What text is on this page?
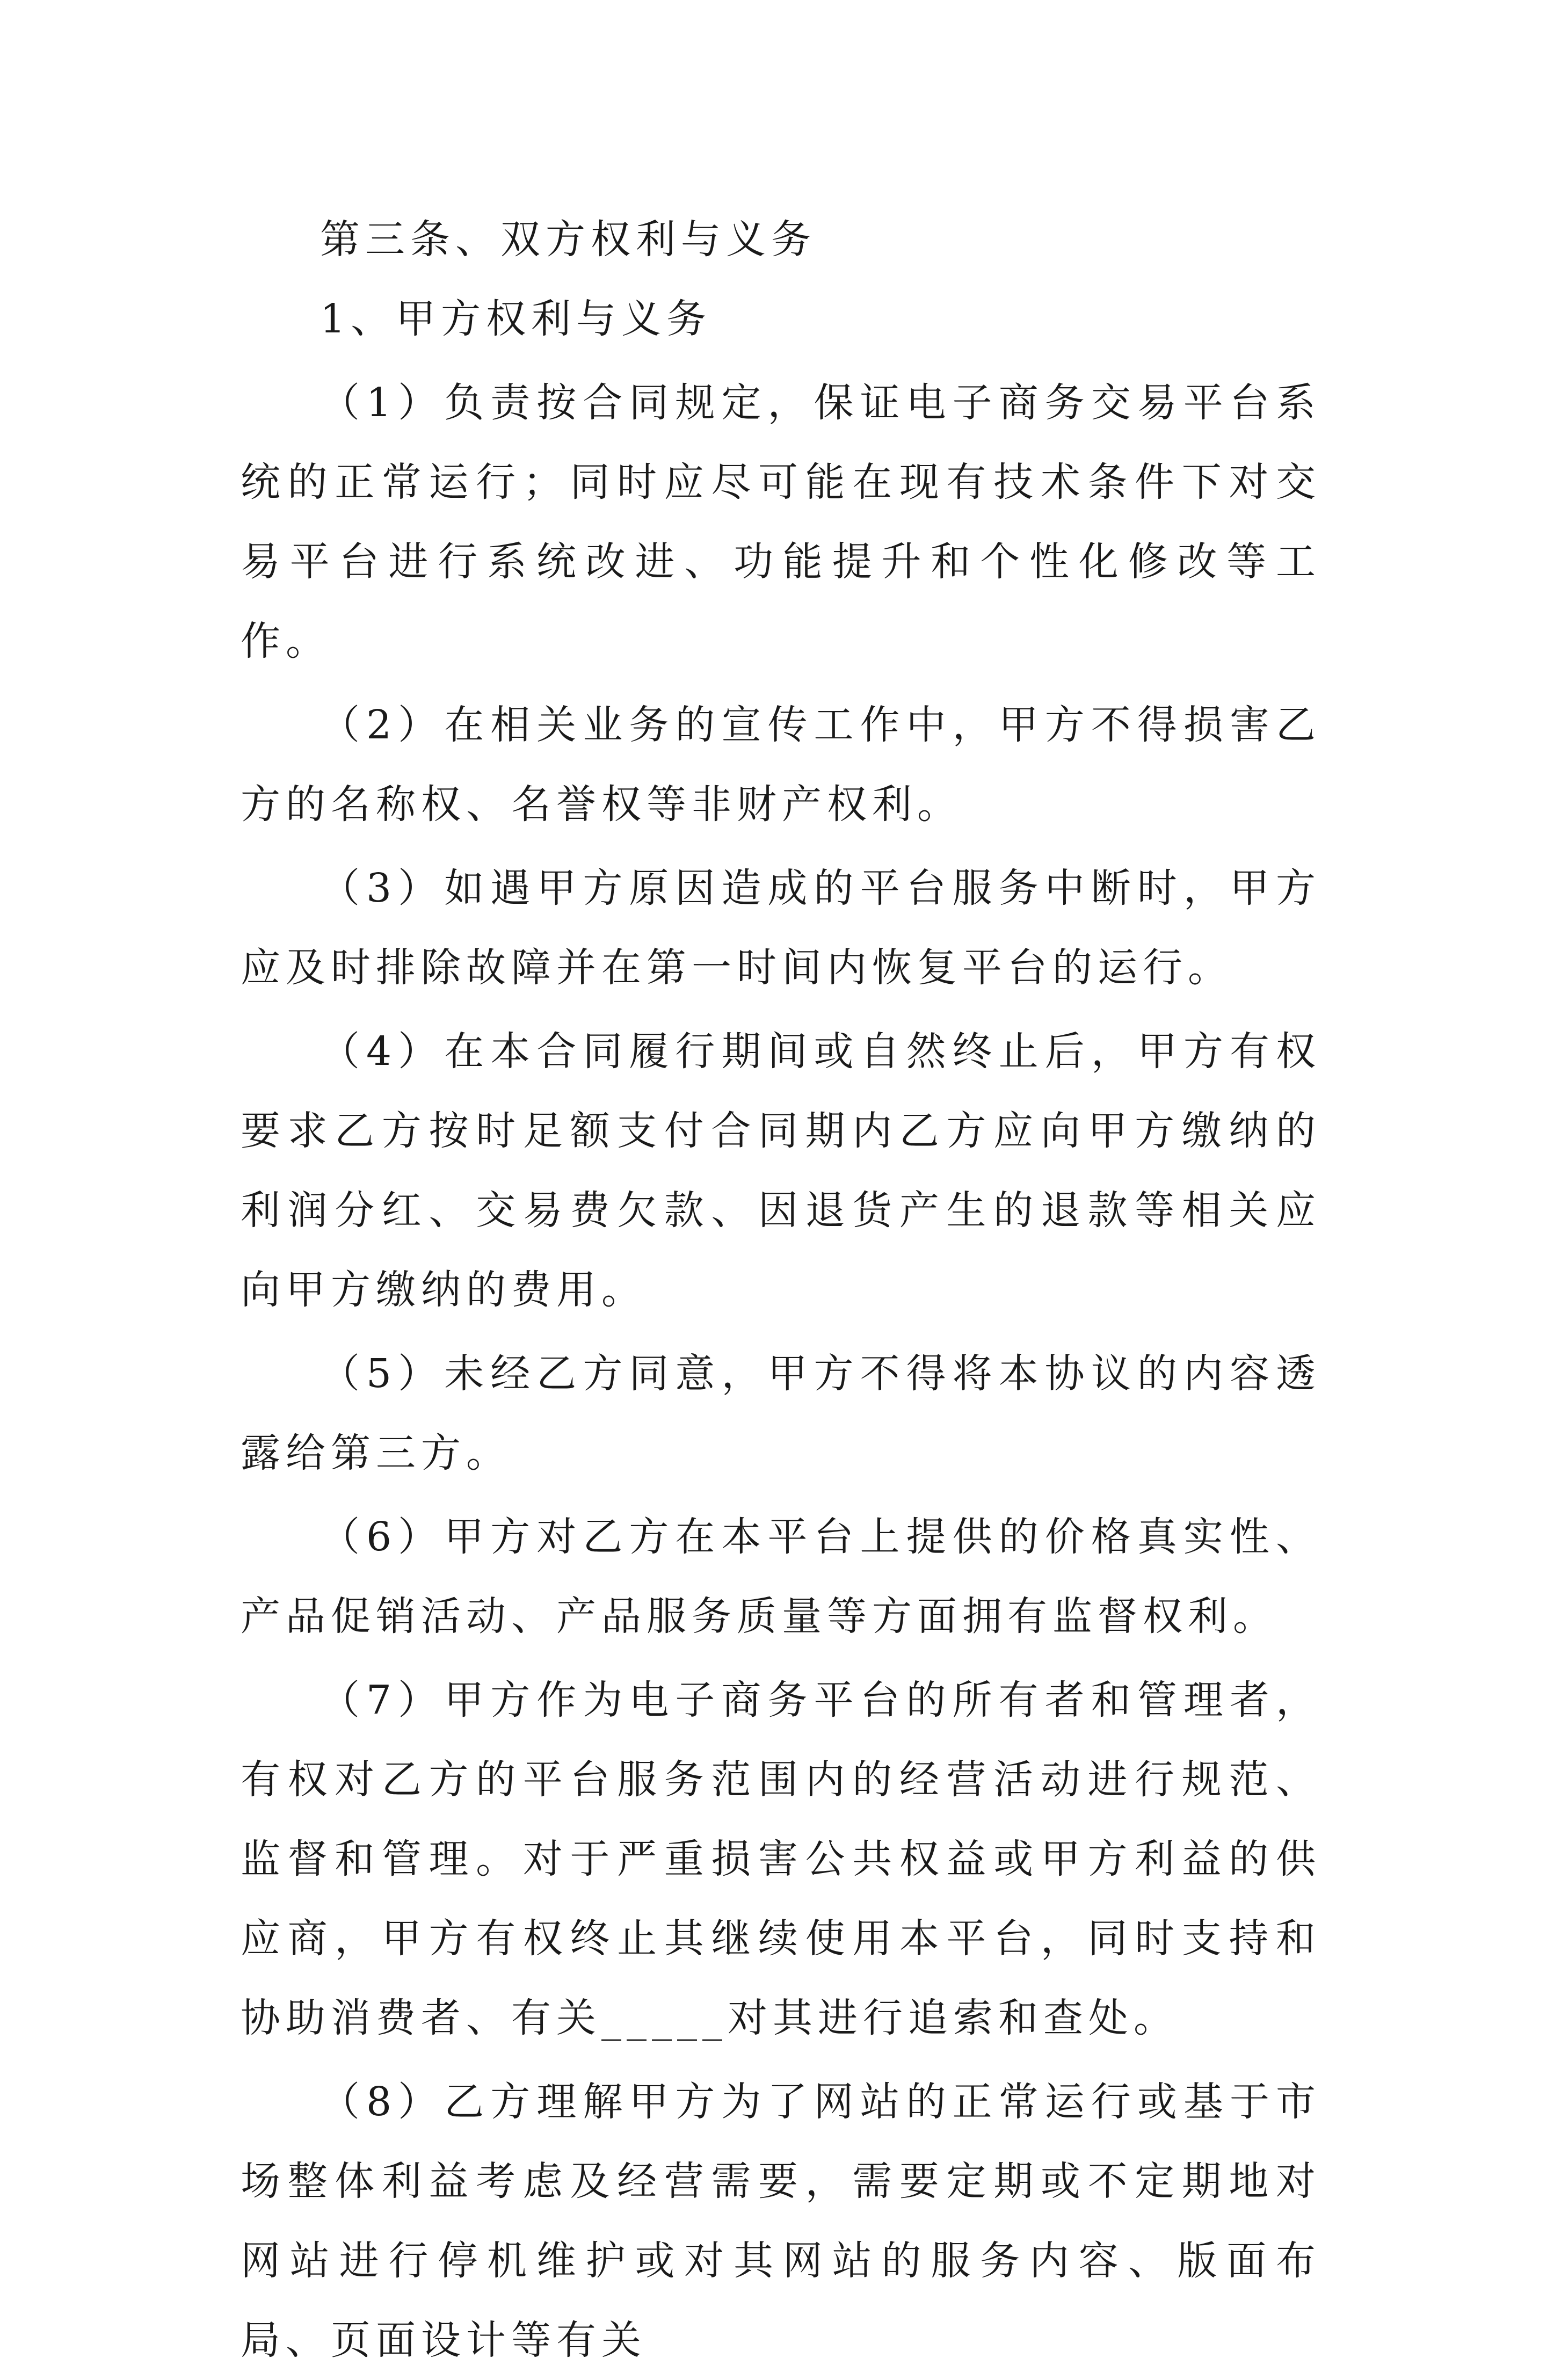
第三条、双方权利与义务

1、甲方权利与义务

（1）负责按合同规定，保证电子商务交易平台系统的正常运行；同时应尽可能在现有技术条件下对交易平台进行系统改进、功能提升和个性化修改等工作。

（2）在相关业务的宣传工作中，甲方不得损害乙方的名称权、名誉权等非财产权利。

（3）如遇甲方原因造成的平台服务中断时，甲方应及时排除故障并在第一时间内恢复平台的运行。

（4）在本合同履行期间或自然终止后，甲方有权要求乙方按时足额支付合同期内乙方应向甲方缴纳的利润分红、交易费欠款、因退货产生的退款等相关应向甲方缴纳的费用。

（5）未经乙方同意，甲方不得将本协议的内容透露给第三方。

（6）甲方对乙方在本平台上提供的价格真实性、产品促销活动、产品服务质量等方面拥有监督权利。

（7）甲方作为电子商务平台的所有者和管理者，有权对乙方的平台服务范围内的经营活动进行规范、监督和管理。对于严重损害公共权益或甲方利益的供应商，甲方有权终止其继续使用本平台，同时支持和协助消费者、有关_____对其进行追索和查处。

（8）乙方理解甲方为了网站的正常运行或基于市场整体利益考虑及经营需要，需要定期或不定期地对网站进行停机维护或对其网站的服务内容、版面布局、页面设计等有关
